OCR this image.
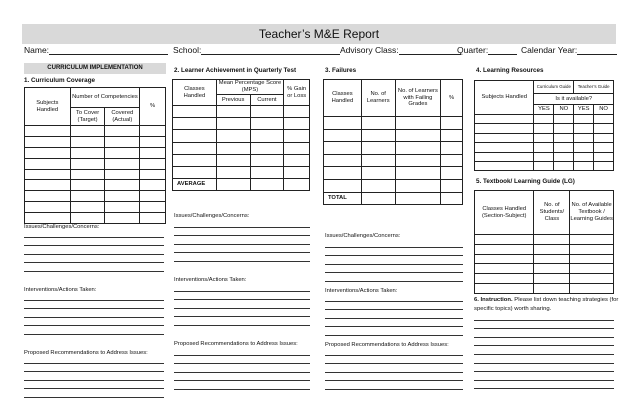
Teacher’s M&E Report
Name:	School:	Advisory Class:	Quarter:	Calendar Year:
CURRICULUM IMPLEMENTATION
1. Curriculum Coverage
Subjects Handled	Number of Competencies		%
	To Cover (Target)	Covered (Actual)	

Issues/Challenges/Concerns:
Interventions/Actions Taken:
Proposed Recommendations to Address Issues:
2. Learner Achievement in Quarterly Test
Classes Handled	Mean Percentage Score (MPS)		% Gain or Loss
	Previous	Current	

AVERAGE			
Issues/Challenges/Concerns:
Interventions/Actions Taken:
Proposed Recommendations to Address Issues:
3. Failures
Classes Handled	No. of Learners	No. of Learners with Failing Grades	%

TOTAL			
Issues/Challenges/Concerns:
Interventions/Actions Taken:
Proposed Recommendations to Address Issues:
4. Learning Resources
Subjects Handled	Curriculum Guide		Teacher’s Guide	
	Is it available?			
	YES	NO	YES	NO

5. Textbook/ Learning Guide (LG)
Classes Handled (Section-Subject)	No. of Students/ Class	No. of Available Textbook / Learning Guides

6. Instruction. Please list down teaching strategies (for specific topics) worth sharing.
